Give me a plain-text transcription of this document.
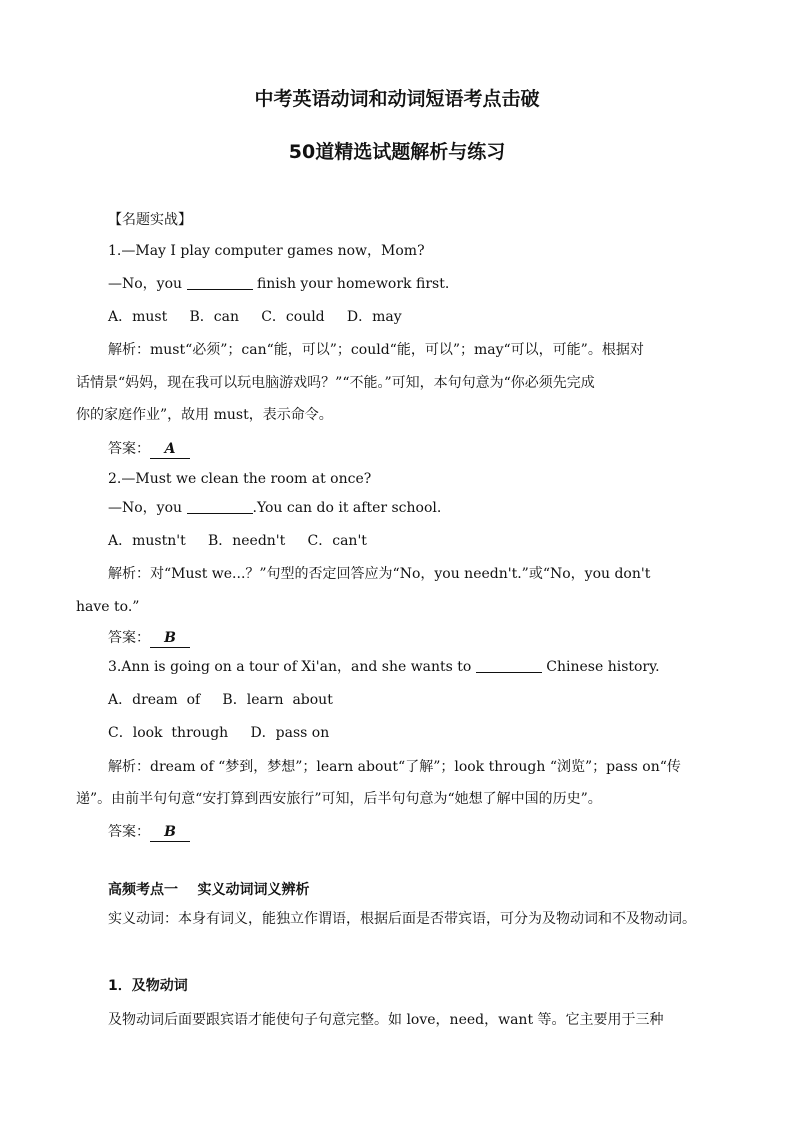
中考英语动词和动词短语考点击破
50道精选试题解析与练习
【名题实战】
1.—May I play computer games now，Mom?
—No，you	finish your homework first.
A．must     B．can     C．could     D．may
解析：must“必须”；can“能，可以”；could“能，可以”；may“可以，可能”。根据对
话情景“妈妈，现在我可以玩电脑游戏吗？”“不能。”可知，本句句意为“你必须先完成
你的家庭作业”，故用 must，表示命令。
答案： A
2.—Must we clean the room at once?
—No，you	.You can do it after school.
A．mustn't     B．needn't     C．can't
解析：对“Must we...？”句型的否定回答应为“No，you needn't.”或“No，you don't
have to.”
答案： B
3.Ann is going on a tour of Xi'an，and she wants to	Chinese history.
A．dream  of     B．learn  about
C．look  through     D．pass on
解析：dream of “梦到，梦想”；learn about“了解”；look through “浏览”；pass on“传
递”。由前半句句意“安打算到西安旅行”可知，后半句句意为“她想了解中国的历史”。
答案： B
高频考点一    实义动词词义辨析
实义动词：本身有词义，能独立作谓语，根据后面是否带宾语，可分为及物动词和不及物动词。
1．及物动词
及物动词后面要跟宾语才能使句子句意完整。如 love，need，want 等。它主要用于三种
